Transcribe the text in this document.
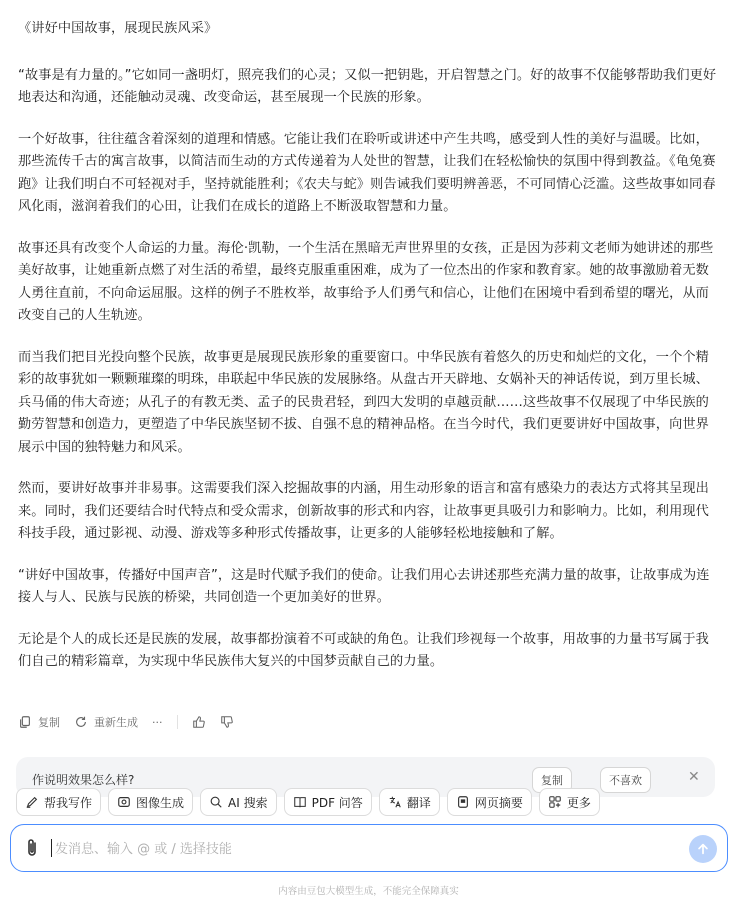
《讲好中国故事，展现民族风采》

“故事是有力量的。”它如同一盏明灯，照亮我们的心灵；又似一把钥匙，开启智慧之门。好的故事不仅能够帮助我们更好地表达和沟通，还能触动灵魂、改变命运，甚至展现一个民族的形象。

一个好故事，往往蕴含着深刻的道理和情感。它能让我们在聆听或讲述中产生共鸣，感受到人性的美好与温暖。比如，那些流传千古的寓言故事，以简洁而生动的方式传递着为人处世的智慧，让我们在轻松愉快的氛围中得到教益。《龟兔赛跑》让我们明白不可轻视对手，坚持就能胜利；《农夫与蛇》则告诫我们要明辨善恶，不可同情心泛滥。这些故事如同春风化雨，滋润着我们的心田，让我们在成长的道路上不断汲取智慧和力量。

故事还具有改变个人命运的力量。海伦·凯勒，一个生活在黑暗无声世界里的女孩，正是因为莎莉文老师为她讲述的那些美好故事，让她重新点燃了对生活的希望，最终克服重重困难，成为了一位杰出的作家和教育家。她的故事激励着无数人勇往直前，不向命运屈服。这样的例子不胜枚举，故事给予人们勇气和信心，让他们在困境中看到希望的曙光，从而改变自己的人生轨迹。

而当我们把目光投向整个民族，故事更是展现民族形象的重要窗口。中华民族有着悠久的历史和灿烂的文化，一个个精彩的故事犹如一颗颗璀璨的明珠，串联起中华民族的发展脉络。从盘古开天辟地、女娲补天的神话传说，到万里长城、兵马俑的伟大奇迹；从孔子的有教无类、孟子的民贵君轻，到四大发明的卓越贡献……这些故事不仅展现了中华民族的勤劳智慧和创造力，更塑造了中华民族坚韧不拔、自强不息的精神品格。在当今时代，我们更要讲好中国故事，向世界展示中国的独特魅力和风采。

然而，要讲好故事并非易事。这需要我们深入挖掘故事的内涵，用生动形象的语言和富有感染力的表达方式将其呈现出来。同时，我们还要结合时代特点和受众需求，创新故事的形式和内容，让故事更具吸引力和影响力。比如，利用现代科技手段，通过影视、动漫、游戏等多种形式传播故事，让更多的人能够轻松地接触和了解。

“讲好中国故事，传播好中国声音”，这是时代赋予我们的使命。让我们用心去讲述那些充满力量的故事，让故事成为连接人与人、民族与民族的桥梁，共同创造一个更加美好的世界。

无论是个人的成长还是民族的发展，故事都扮演着不可或缺的角色。让我们珍视每一个故事，用故事的力量书写属于我们自己的精彩篇章，为实现中华民族伟大复兴的中国梦贡献自己的力量。

复制	重新生成 ···
作说明效果怎么样?	复制	不喜欢	✕
帮我写作	图像生成	AI 搜索	PDF 问答	翻译	网页摘要	更多
发消息、输入 @ 或 / 选择技能
内容由豆包大模型生成，不能完全保障真实
